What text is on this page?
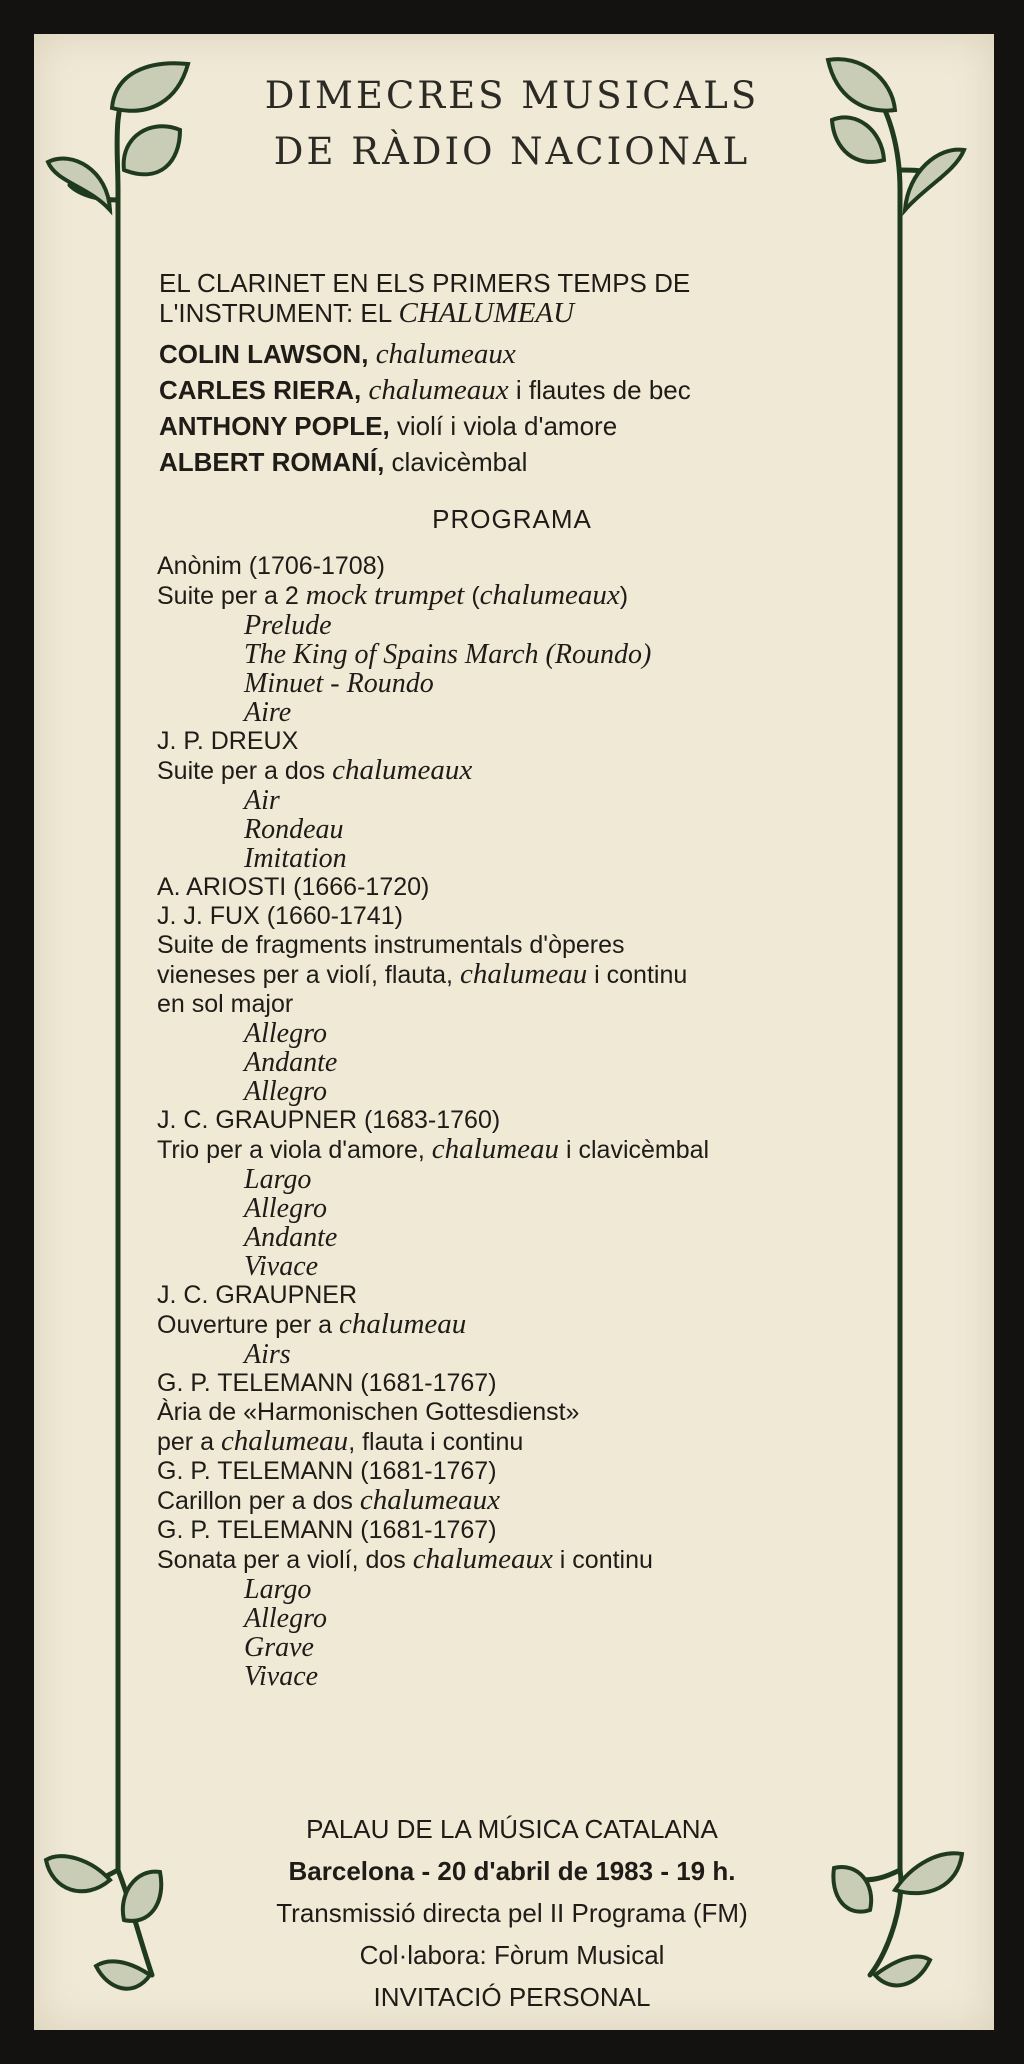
DIMECRES MUSICALS
DE RÀDIO NACIONAL
EL CLARINET EN ELS PRIMERS TEMPS DE
L'INSTRUMENT: EL CHALUMEAU
COLIN LAWSON, chalumeaux
CARLES RIERA, chalumeaux i flautes de bec
ANTHONY POPLE, violí i viola d'amore
ALBERT ROMANÍ, clavicèmbal
PROGRAMA
Anònim (1706-1708)
Suite per a 2 mock trumpet (chalumeaux)
Prelude
The King of Spains March (Roundo)
Minuet - Roundo
Aire
J. P. DREUX
Suite per a dos chalumeaux
Air
Rondeau
Imitation
A. ARIOSTI (1666-1720)
J. J. FUX (1660-1741)
Suite de fragments instrumentals d'òperes
vieneses per a violí, flauta, chalumeau i continu
en sol major
Allegro
Andante
Allegro
J. C. GRAUPNER (1683-1760)
Trio per a viola d'amore, chalumeau i clavicèmbal
Largo
Allegro
Andante
Vivace
J. C. GRAUPNER
Ouverture per a chalumeau
Airs
G. P. TELEMANN (1681-1767)
Ària de «Harmonischen Gottesdienst»
per a chalumeau, flauta i continu
G. P. TELEMANN (1681-1767)
Carillon per a dos chalumeaux
G. P. TELEMANN (1681-1767)
Sonata per a violí, dos chalumeaux i continu
Largo
Allegro
Grave
Vivace
PALAU DE LA MÚSICA CATALANA
Barcelona - 20 d'abril de 1983 - 19 h.
Transmissió directa pel II Programa (FM)
Col·labora: Fòrum Musical
INVITACIÓ PERSONAL
